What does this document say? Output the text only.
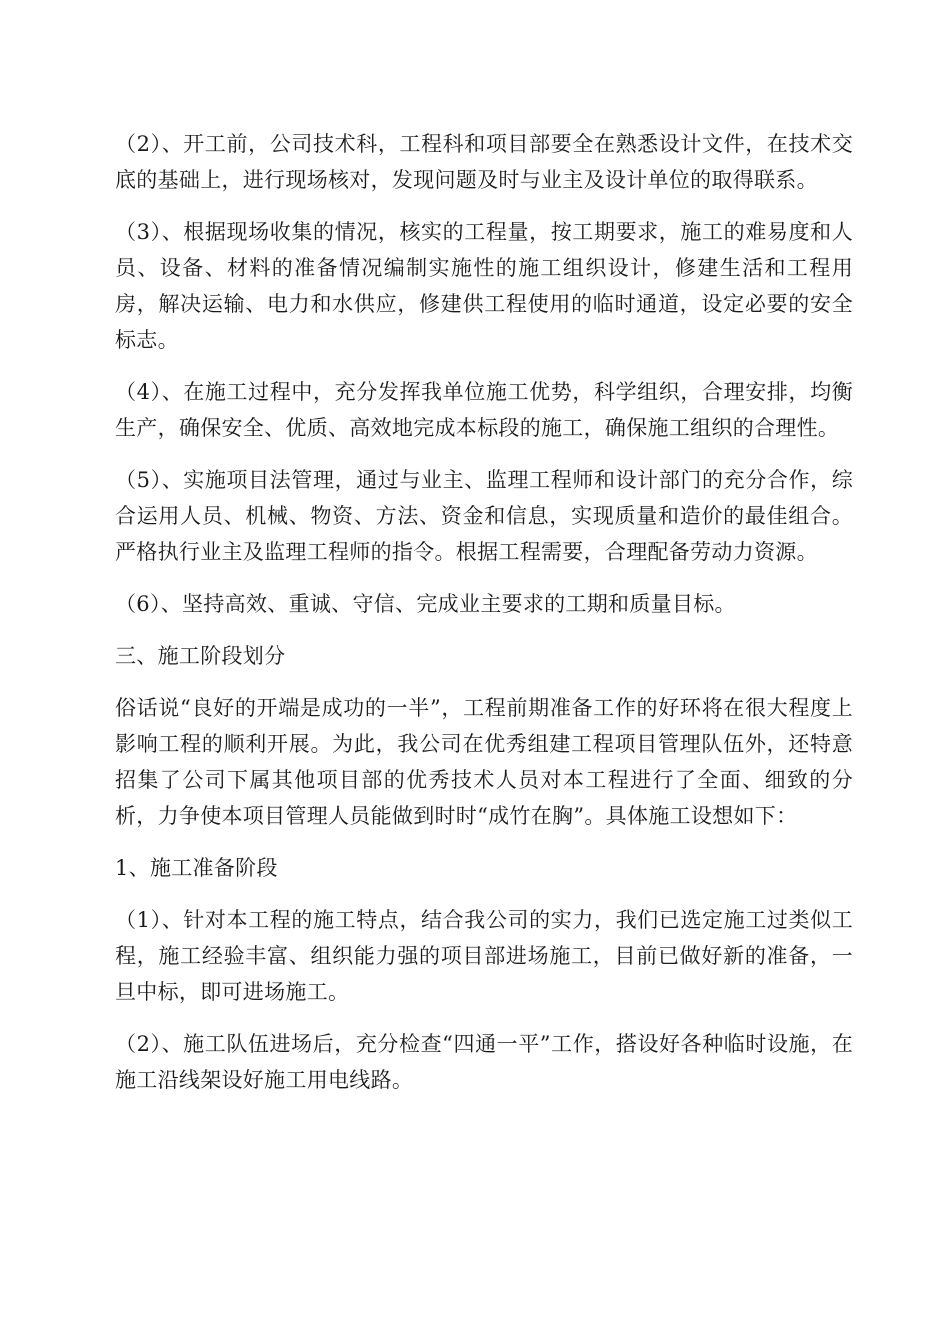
（2）、开工前，公司技术科，工程科和项目部要全在熟悉设计文件，在技术交底的基础上，进行现场核对，发现问题及时与业主及设计单位的取得联系。

（3）、根据现场收集的情况，核实的工程量，按工期要求，施工的难易度和人员、设备、材料的准备情况编制实施性的施工组织设计，修建生活和工程用房，解决运输、电力和水供应，修建供工程使用的临时通道，设定必要的安全标志。

（4）、在施工过程中，充分发挥我单位施工优势，科学组织，合理安排，均衡生产，确保安全、优质、高效地完成本标段的施工，确保施工组织的合理性。

（5）、实施项目法管理，通过与业主、监理工程师和设计部门的充分合作，综合运用人员、机械、物资、方法、资金和信息，实现质量和造价的最佳组合。严格执行业主及监理工程师的指令。根据工程需要，合理配备劳动力资源。

（6）、坚持高效、重诚、守信、完成业主要求的工期和质量目标。

三、施工阶段划分

俗话说“良好的开端是成功的一半”，工程前期准备工作的好环将在很大程度上影响工程的顺利开展。为此，我公司在优秀组建工程项目管理队伍外，还特意招集了公司下属其他项目部的优秀技术人员对本工程进行了全面、细致的分析，力争使本项目管理人员能做到时时“成竹在胸”。具体施工设想如下：

1、施工准备阶段

（1）、针对本工程的施工特点，结合我公司的实力，我们已选定施工过类似工程，施工经验丰富、组织能力强的项目部进场施工，目前已做好新的准备，一旦中标，即可进场施工。

（2）、施工队伍进场后，充分检查“四通一平”工作，搭设好各种临时设施，在施工沿线架设好施工用电线路。
